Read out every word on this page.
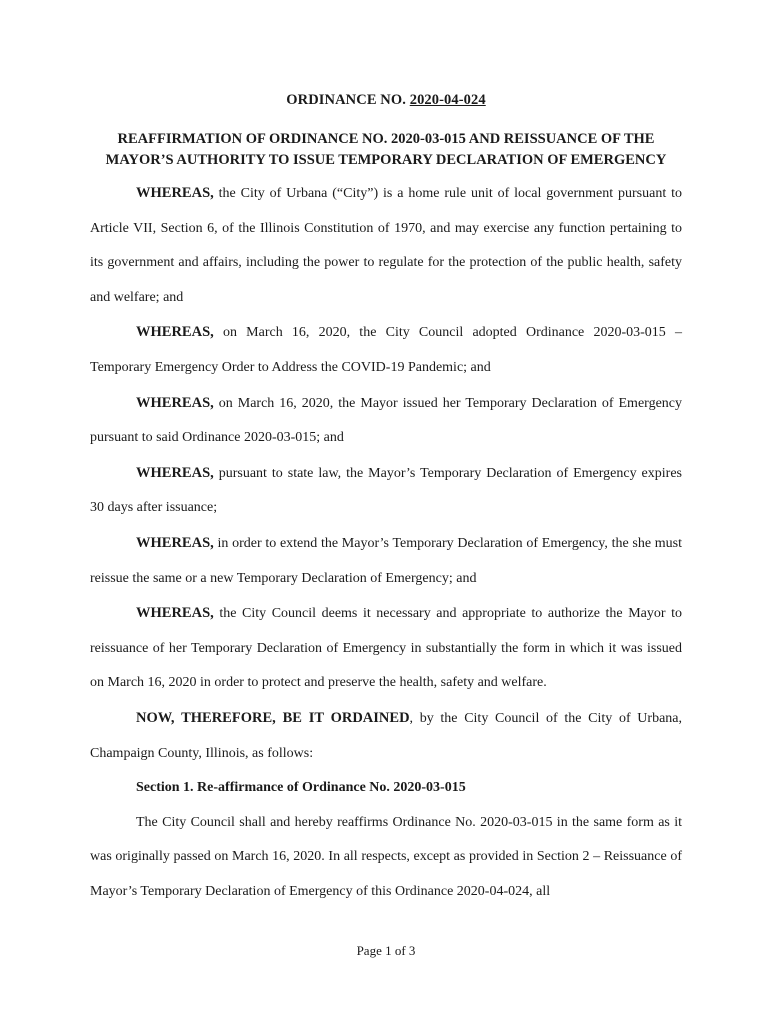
ORDINANCE NO. 2020-04-024
REAFFIRMATION OF ORDINANCE NO. 2020-03-015 AND REISSUANCE OF THE
MAYOR’S AUTHORITY TO ISSUE TEMPORARY DECLARATION OF EMERGENCY

WHEREAS, the City of Urbana (“City”) is a home rule unit of local government pursuant to Article VII, Section 6, of the Illinois Constitution of 1970, and may exercise any function pertaining to its government and affairs, including the power to regulate for the protection of the public health, safety and welfare; and

WHEREAS, on March 16, 2020, the City Council adopted Ordinance 2020-03-015 – Temporary Emergency Order to Address the COVID-19 Pandemic; and

WHEREAS, on March 16, 2020, the Mayor issued her Temporary Declaration of Emergency pursuant to said Ordinance 2020-03-015; and

WHEREAS, pursuant to state law, the Mayor’s Temporary Declaration of Emergency expires 30 days after issuance;

WHEREAS, in order to extend the Mayor’s Temporary Declaration of Emergency, the she must reissue the same or a new Temporary Declaration of Emergency; and

WHEREAS, the City Council deems it necessary and appropriate to authorize the Mayor to reissuance of her Temporary Declaration of Emergency in substantially the form in which it was issued on March 16, 2020 in order to protect and preserve the health, safety and welfare.

NOW, THEREFORE, BE IT ORDAINED, by the City Council of the City of Urbana, Champaign County, Illinois, as follows:

Section 1. Re-affirmance of Ordinance No. 2020-03-015

The City Council shall and hereby reaffirms Ordinance No. 2020-03-015 in the same form as it was originally passed on March 16, 2020. In all respects, except as provided in Section 2 – Reissuance of Mayor’s Temporary Declaration of Emergency of this Ordinance 2020-04-024, all

Page 1 of 3
